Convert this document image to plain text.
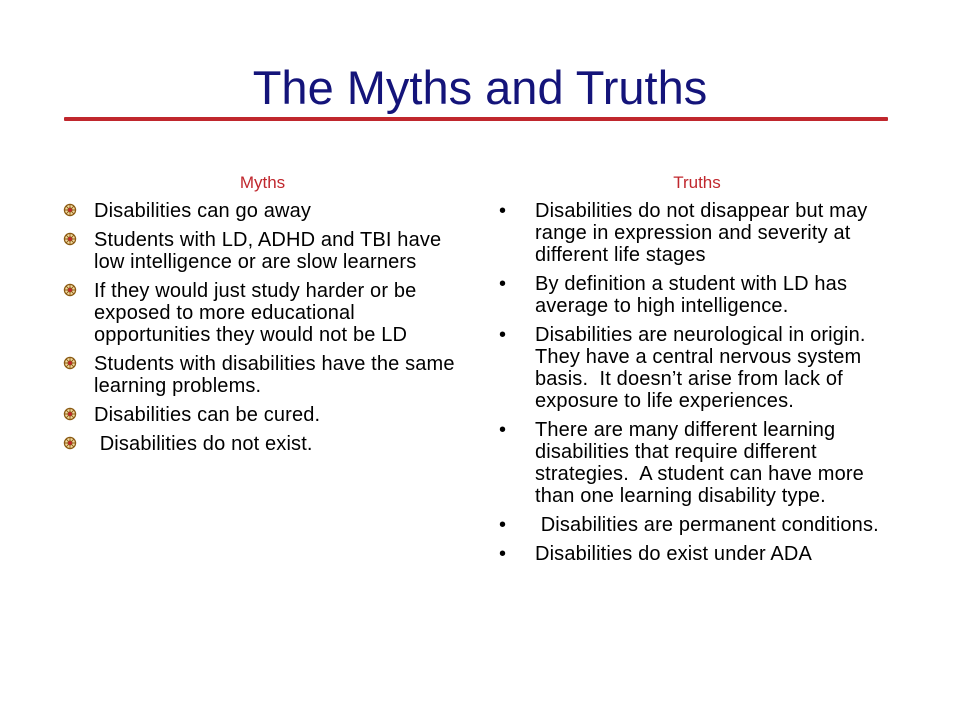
The Myths and Truths
Myths
Disabilities can go away
Students with LD, ADHD and TBI have low intelligence or are slow learners
If they would just study harder or be exposed to more educational opportunities they would not be LD
Students with disabilities have the same learning problems.
Disabilities can be cured.
Disabilities do not exist.
Truths
• Disabilities do not disappear but may range in expression and severity at different life stages
• By definition a student with LD has average to high intelligence.
• Disabilities are neurological in origin.  They have a central nervous system basis.  It doesn’t arise from lack of exposure to life experiences.
• There are many different learning disabilities that require different strategies.  A student can have more than one learning disability type.
• Disabilities are permanent conditions.
• Disabilities do exist under ADA
